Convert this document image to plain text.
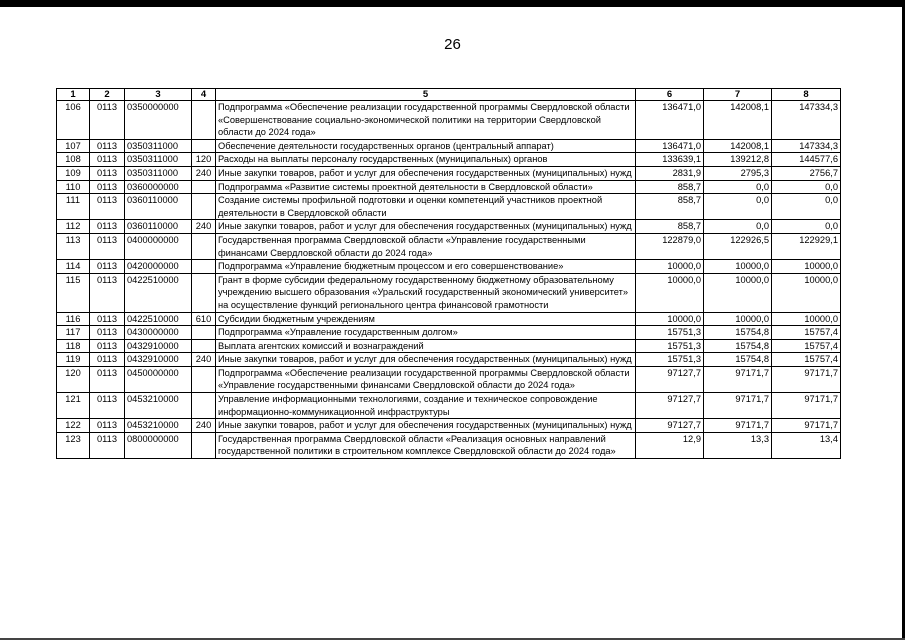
26
1	2	3	4	5	6	7	8
106	0113	0350000000		Подпрограмма «Обеспечение реализации государственной программы Свердловской области «Совершенствование социально-экономической политики на территории Свердловской области до 2024 года»	136471,0	142008,1	147334,3
107	0113	0350311000		Обеспечение деятельности государственных органов (центральный аппарат)	136471,0	142008,1	147334,3
108	0113	0350311000	120	Расходы на выплаты персоналу государственных (муниципальных) органов	133639,1	139212,8	144577,6
109	0113	0350311000	240	Иные закупки товаров, работ и услуг для обеспечения государственных (муниципальных) нужд	2831,9	2795,3	2756,7
110	0113	0360000000		Подпрограмма «Развитие системы проектной деятельности в Свердловской области»	858,7	0,0	0,0
111	0113	0360110000		Создание системы профильной подготовки и оценки компетенций участников проектной деятельности в Свердловской области	858,7	0,0	0,0
112	0113	0360110000	240	Иные закупки товаров, работ и услуг для обеспечения государственных (муниципальных) нужд	858,7	0,0	0,0
113	0113	0400000000		Государственная программа Свердловской области «Управление государственными финансами Свердловской области до 2024 года»	122879,0	122926,5	122929,1
114	0113	0420000000		Подпрограмма «Управление бюджетным процессом и его совершенствование»	10000,0	10000,0	10000,0
115	0113	0422510000		Грант в форме субсидии федеральному государственному бюджетному образовательному учреждению высшего образования «Уральский государственный экономический университет» на осуществление функций регионального центра финансовой грамотности	10000,0	10000,0	10000,0
116	0113	0422510000	610	Субсидии бюджетным учреждениям	10000,0	10000,0	10000,0
117	0113	0430000000		Подпрограмма «Управление государственным долгом»	15751,3	15754,8	15757,4
118	0113	0432910000		Выплата агентских комиссий и вознаграждений	15751,3	15754,8	15757,4
119	0113	0432910000	240	Иные закупки товаров, работ и услуг для обеспечения государственных (муниципальных) нужд	15751,3	15754,8	15757,4
120	0113	0450000000		Подпрограмма «Обеспечение реализации государственной программы Свердловской области «Управление государственными финансами Свердловской области до 2024 года»	97127,7	97171,7	97171,7
121	0113	0453210000		Управление информационными технологиями, создание и техническое сопровождение информационно-коммуникационной инфраструктуры	97127,7	97171,7	97171,7
122	0113	0453210000	240	Иные закупки товаров, работ и услуг для обеспечения государственных (муниципальных) нужд	97127,7	97171,7	97171,7
123	0113	0800000000		Государственная программа Свердловской области «Реализация основных направлений государственной политики в строительном комплексе Свердловской области до 2024 года»	12,9	13,3	13,4
